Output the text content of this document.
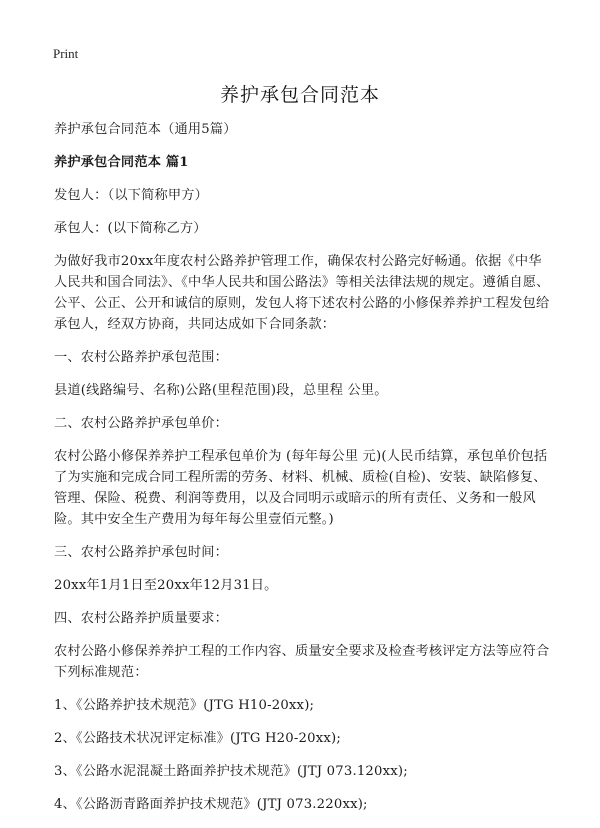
Print
养护承包合同范本
养护承包合同范本（通用5篇）
养护承包合同范本 篇1
发包人：（以下简称甲方）
承包人：(以下简称乙方）
为做好我市20xx年度农村公路养护管理工作，确保农村公路完好畅通。依据《中华人民共和国合同法》、《中华人民共和国公路法》等相关法律法规的规定。遵循自愿、公平、公正、公开和诚信的原则，发包人将下述农村公路的小修保养养护工程发包给承包人，经双方协商，共同达成如下合同条款：
一、农村公路养护承包范围：
县道(线路编号、名称)公路(里程范围)段，总里程 公里。
二、农村公路养护承包单价：
农村公路小修保养养护工程承包单价为 (每年每公里 元)(人民币结算，承包单价包括了为实施和完成合同工程所需的劳务、材料、机械、质检(自检)、安装、缺陷修复、管理、保险、税费、利润等费用，以及合同明示或暗示的所有责任、义务和一般风险。其中安全生产费用为每年每公里壹佰元整。)
三、农村公路养护承包时间：
20xx年1月1日至20xx年12月31日。
四、农村公路养护质量要求：
农村公路小修保养养护工程的工作内容、质量安全要求及检查考核评定方法等应符合下列标准规范：
1、《公路养护技术规范》(JTG H10-20xx);
2、《公路技术状况评定标准》(JTG H20-20xx);
3、《公路水泥混凝土路面养护技术规范》(JTJ 073.120xx);
4、《公路沥青路面养护技术规范》(JTJ 073.220xx);
